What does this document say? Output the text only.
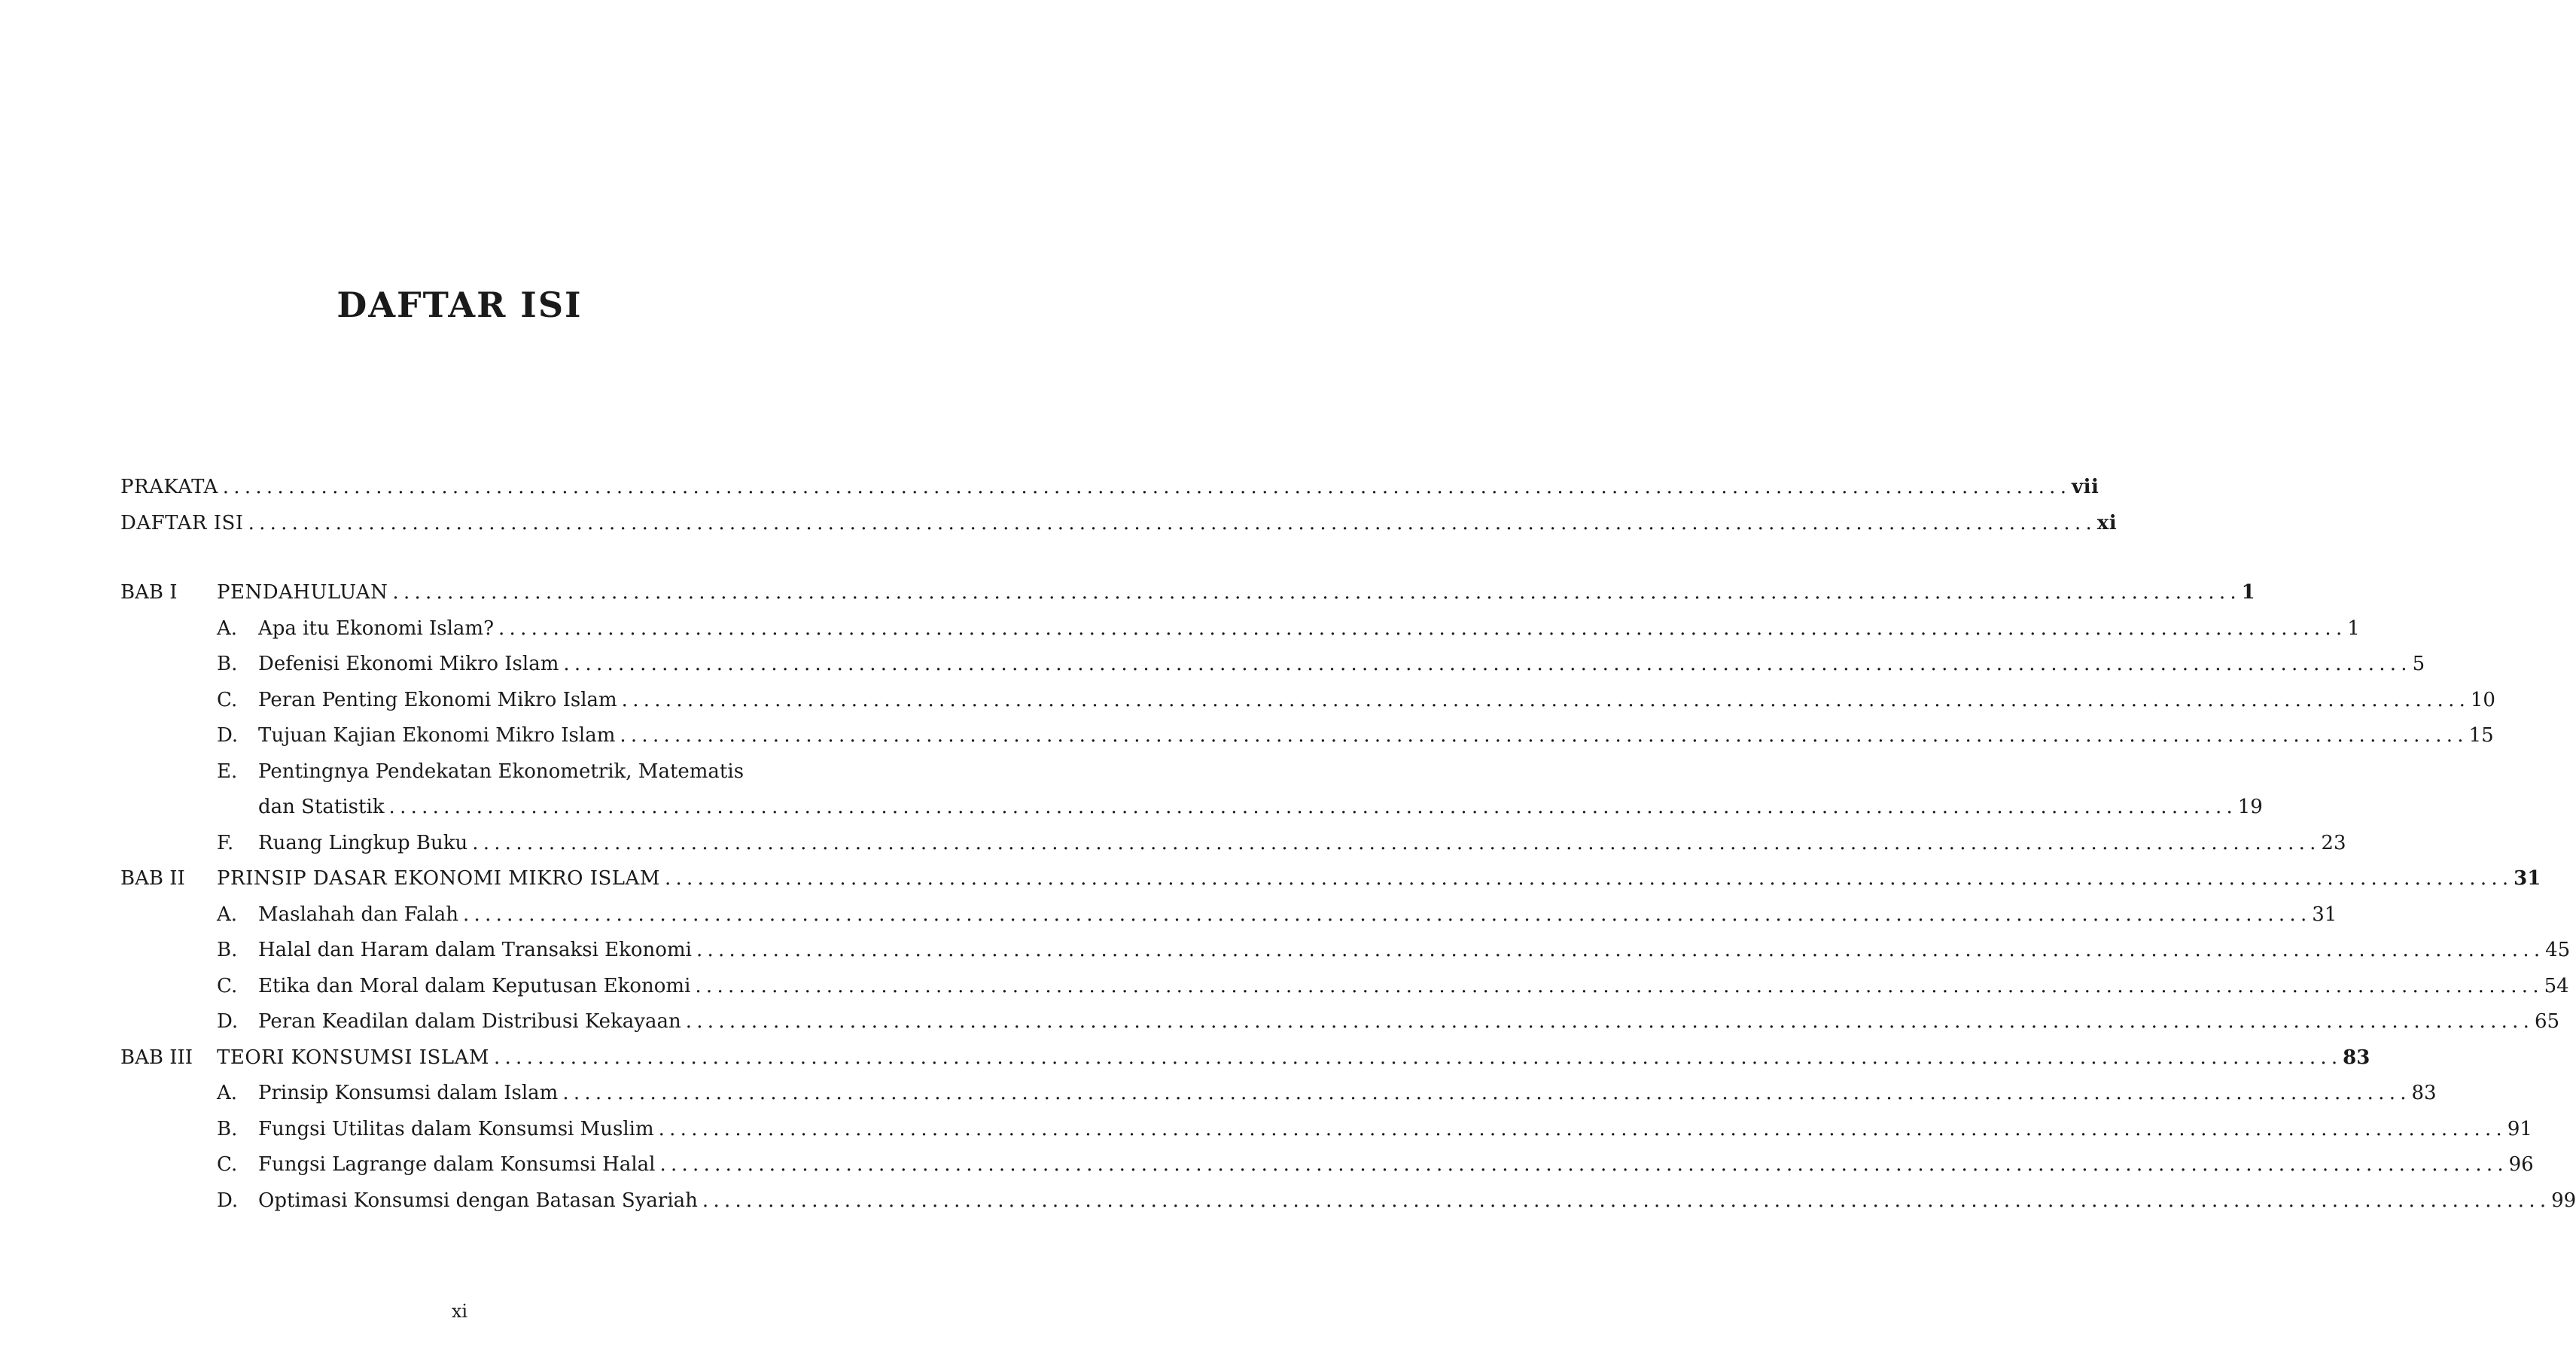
DAFTAR ISI
PRAKATA . . .	vii
DAFTAR ISI . . .	xi
BAB I	PENDAHULUAN . . .	1
A.	Apa itu Ekonomi Islam? . . .	1
B.	Defenisi Ekonomi Mikro Islam . . .	5
C.	Peran Penting Ekonomi Mikro Islam . . .	10
D.	Tujuan Kajian Ekonomi Mikro Islam . . .	15
E.	Pentingnya Pendekatan Ekonometrik, Matematis
dan Statistik . . .	19
F.	Ruang Lingkup Buku . . .	23
BAB II	PRINSIP DASAR EKONOMI MIKRO ISLAM . . .	31
A.	Maslahah dan Falah . . .	31
B.	Halal dan Haram dalam Transaksi Ekonomi . . .	45
C.	Etika dan Moral dalam Keputusan Ekonomi . . .	54
D.	Peran Keadilan dalam Distribusi Kekayaan . . .	65
BAB III	TEORI KONSUMSI ISLAM . . .	83
A.	Prinsip Konsumsi dalam Islam . . .	83
B.	Fungsi Utilitas dalam Konsumsi Muslim . . .	91
C.	Fungsi Lagrange dalam Konsumsi Halal . . .	96
D.	Optimasi Konsumsi dengan Batasan Syariah . . .	99
xi
